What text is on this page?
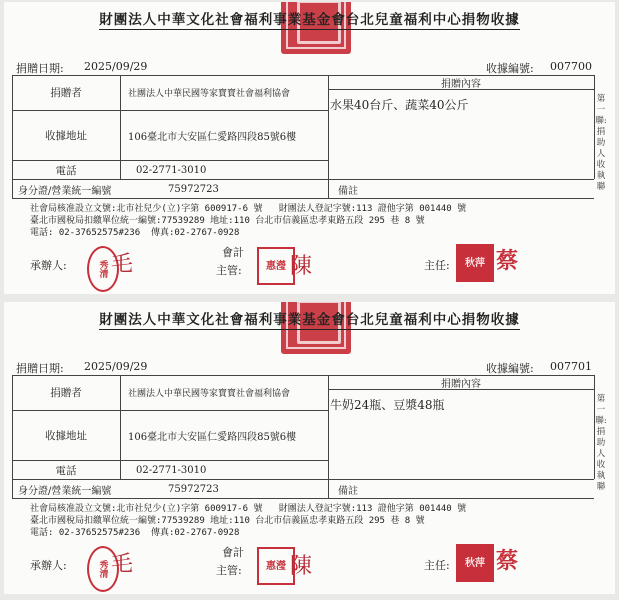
財團法人中華文化社會福利事業基金會台北兒童福利中心捐物收據
捐贈日期: 2025/09/29	收據編號: 007700
捐贈者	社團法人中華民國等家寶寶社會福利協會
收據地址	106臺北市大安區仁愛路四段85號6樓
電話	02-2771-3010
捐贈內容
水果40台斤、蔬菜40公斤
身分證/營業統一編號	75972723	備註
社會局核准設立文號:北市社兒少(立)字第 600917-6 號   財團法人登記字號:113 證他字第 001440 號
臺北市國稅局扣繳單位統一編號:77539289 地址:110 台北市信義區忠孝東路五段 295 巷 8 號
電話: 02-37652575#236  傳真:02-2767-0928
第一聯:捐助人收執聯
承辦人:	秀清 毛	會計
主管:	惠瀅 陳	主任:	秋萍 蔡
財團法人中華文化社會福利事業基金會台北兒童福利中心捐物收據
捐贈日期: 2025/09/29	收據編號: 007701
捐贈者	社團法人中華民國等家寶寶社會福利協會
收據地址	106臺北市大安區仁愛路四段85號6樓
電話	02-2771-3010
捐贈內容
牛奶24瓶、豆漿48瓶
身分證/營業統一編號	75972723	備註
社會局核准設立文號:北市社兒少(立)字第 600917-6 號   財團法人登記字號:113 證他字第 001440 號
臺北市國稅局扣繳單位統一編號:77539289 地址:110 台北市信義區忠孝東路五段 295 巷 8 號
電話: 02-37652575#236  傳真:02-2767-0928
第一聯:捐助人收執聯
承辦人:	秀清 毛	會計
主管:	惠瀅 陳	主任:	秋萍 蔡
